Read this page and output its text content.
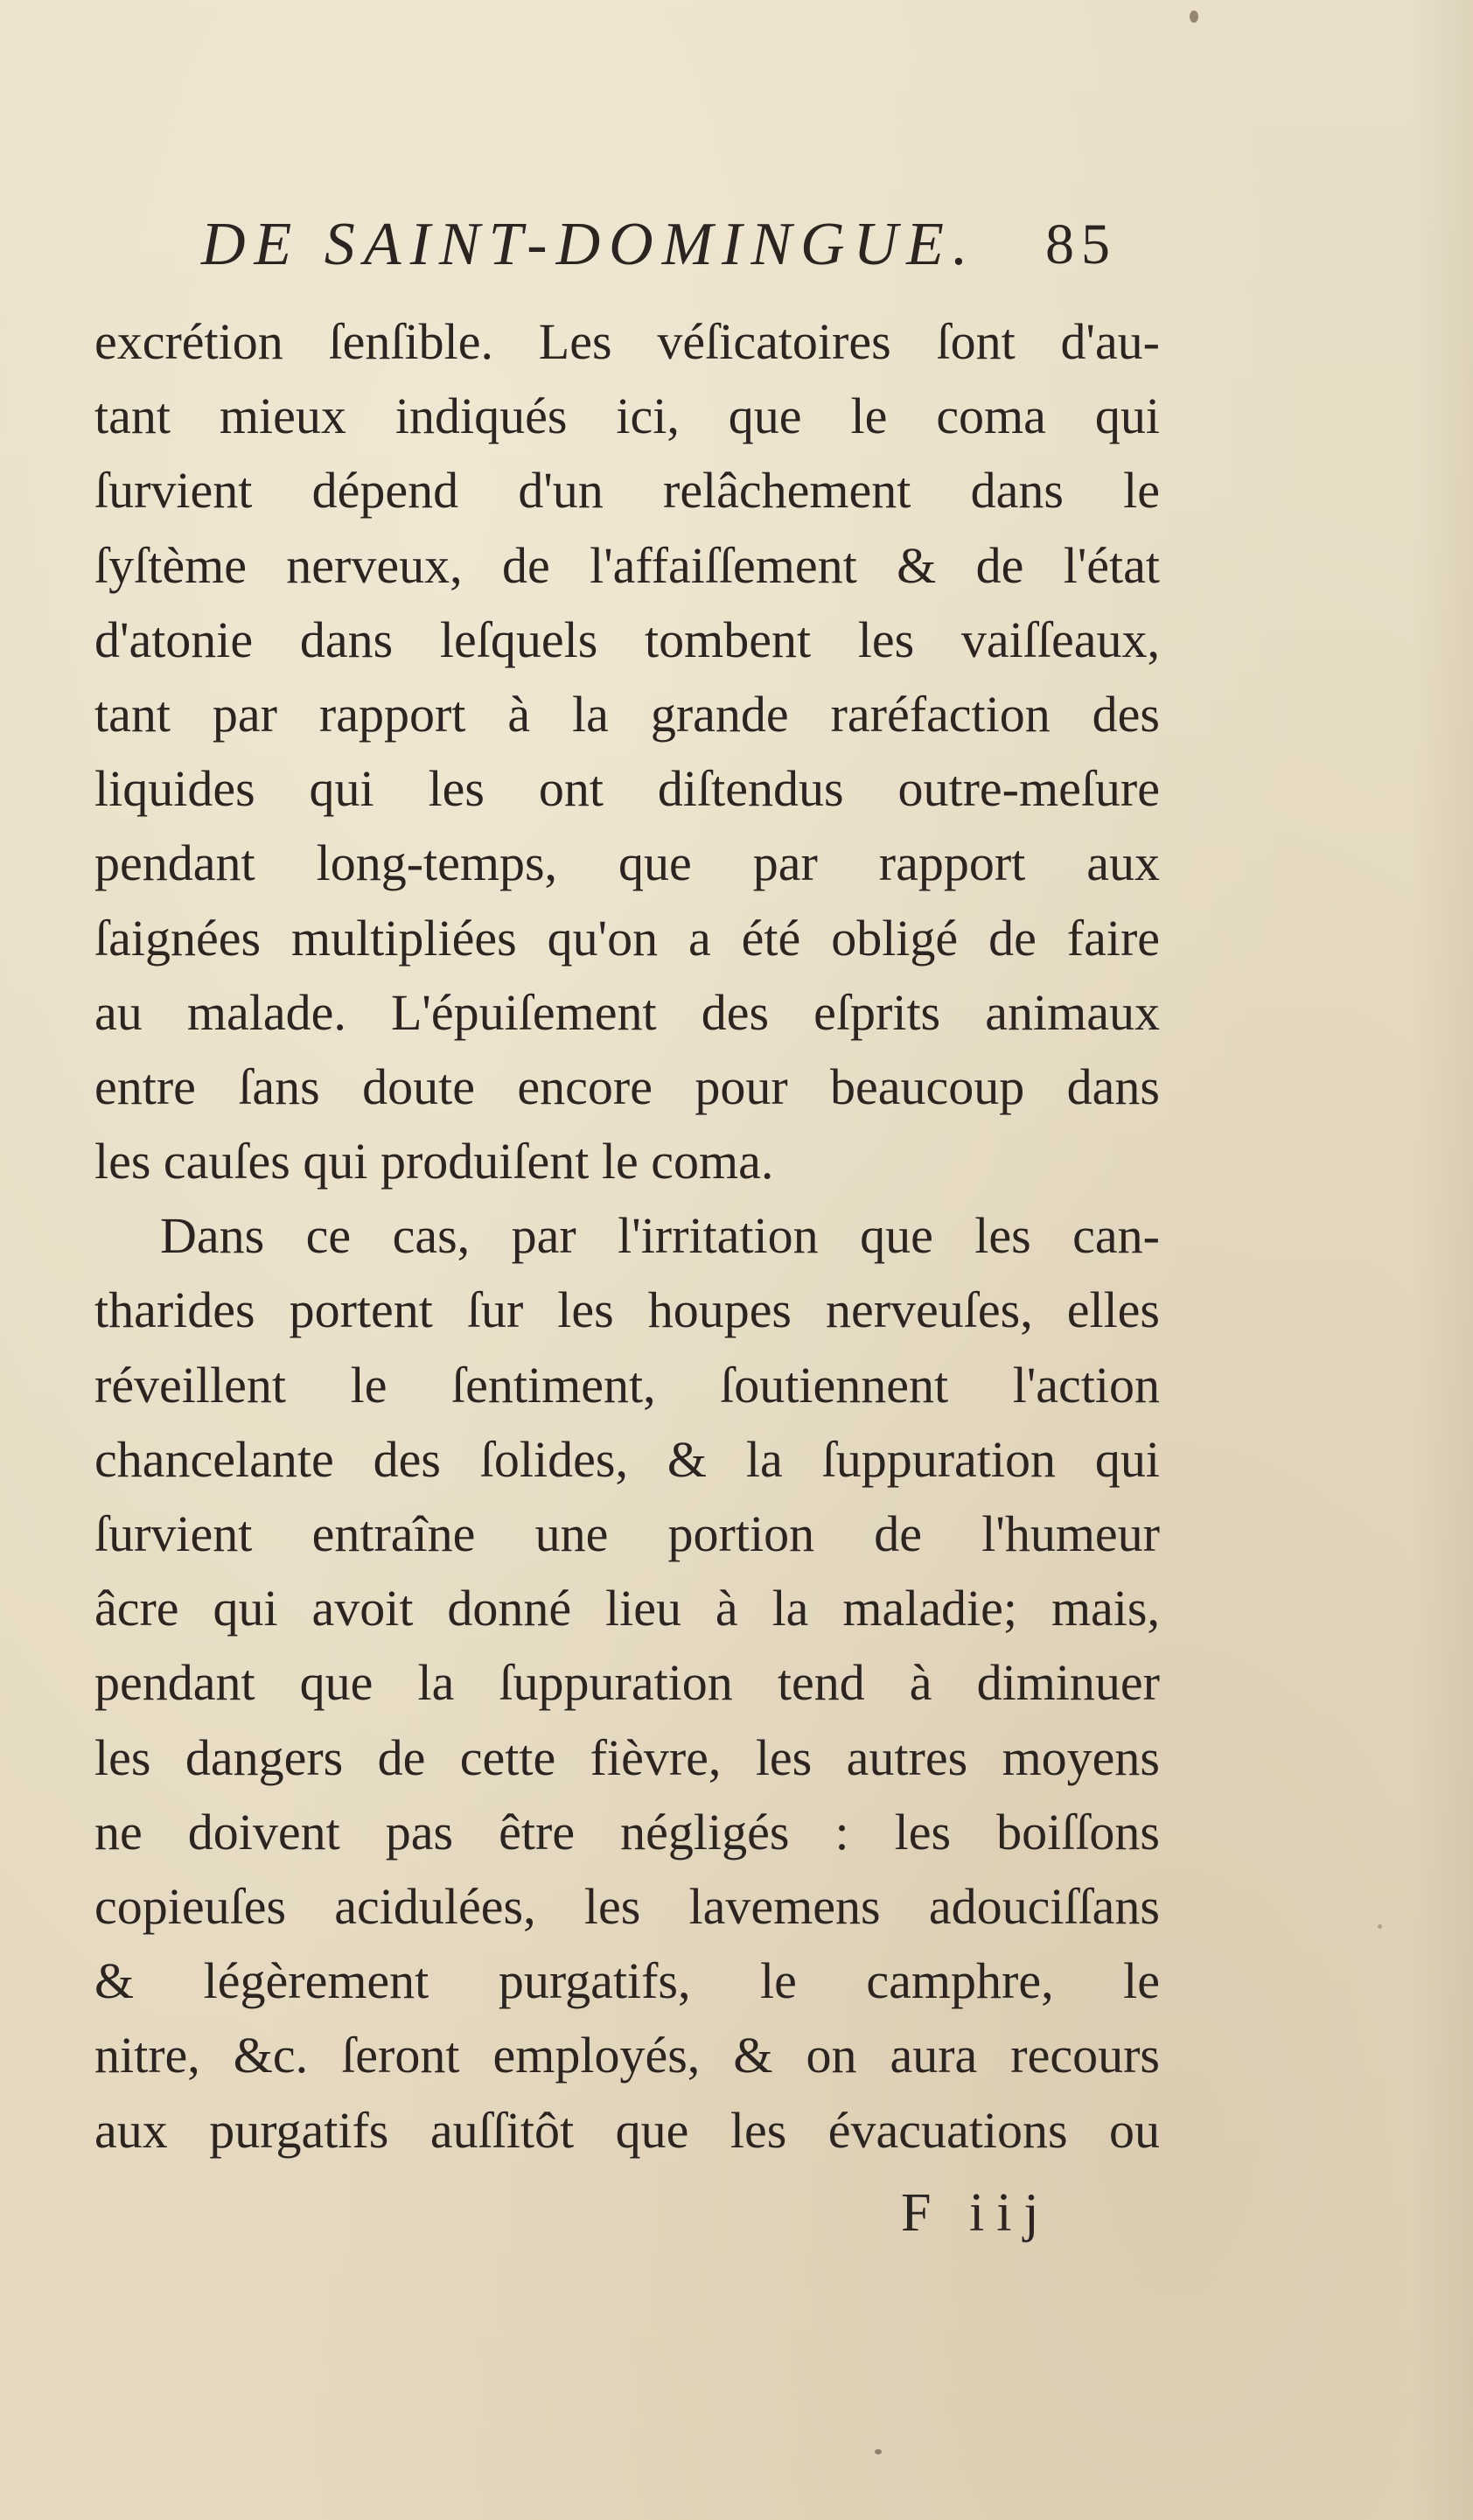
DE SAINT-DOMINGUE.	85
excrétion ſenſible. Les véſicatoires ſont d'au-
tant mieux indiqués ici, que le coma qui
ſurvient dépend d'un relâchement dans le
ſyſtème nerveux, de l'affaiſſement & de l'état
d'atonie dans leſquels tombent les vaiſſeaux,
tant par rapport à la grande raréfaction des
liquides qui les ont diſtendus outre-meſure
pendant long-temps, que par rapport aux
ſaignées multipliées qu'on a été obligé de faire
au malade. L'épuiſement des eſprits animaux
entre ſans doute encore pour beaucoup dans
les cauſes qui produiſent le coma.
Dans ce cas, par l'irritation que les can-
tharides portent ſur les houpes nerveuſes, elles
réveillent le ſentiment, ſoutiennent l'action
chancelante des ſolides, & la ſuppuration qui
ſurvient entraîne une portion de l'humeur
âcre qui avoit donné lieu à la maladie; mais,
pendant que la ſuppuration tend à diminuer
les dangers de cette fièvre, les autres moyens
ne doivent pas être négligés : les boiſſons
copieuſes acidulées, les lavemens adouciſſans
& légèrement purgatifs, le camphre, le
nitre, &c. ſeront employés, & on aura recours
aux purgatifs auſſitôt que les évacuations ou
F iij
